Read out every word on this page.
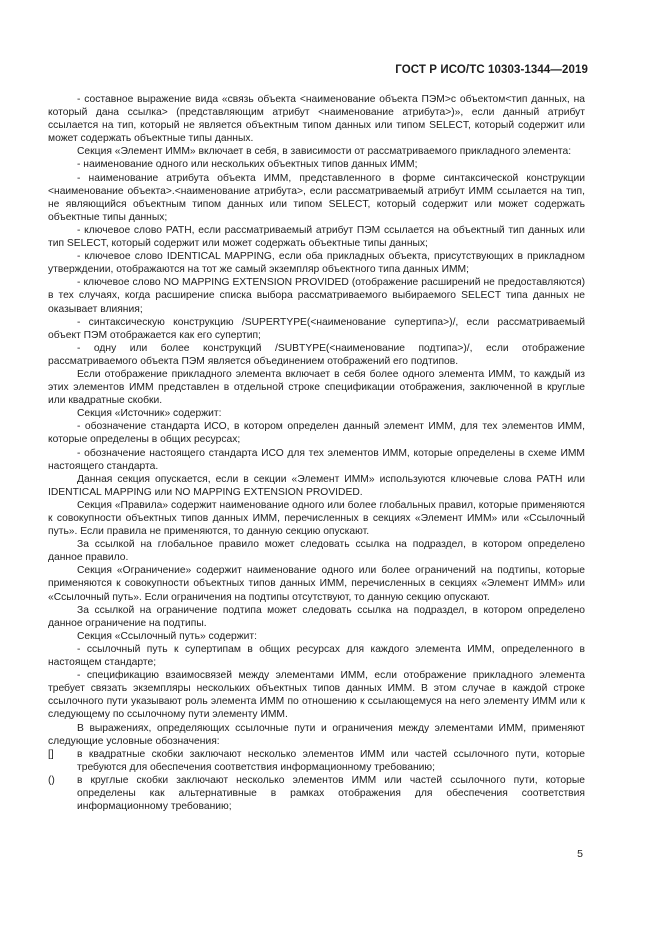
ГОСТ Р ИСО/ТС 10303-1344—2019

- составное выражение вида «связь объекта <наименование объекта ПЭМ>с объектом<тип данных, на который дана ссылка> (представляющим атрибут <наименование атрибута>)», если данный атрибут ссылается на тип, который не является объектным типом данных или типом SELECT, который содержит или может содержать объектные типы данных.

Секция «Элемент ИММ» включает в себя, в зависимости от рассматриваемого прикладного элемента:

- наименование одного или нескольких объектных типов данных ИММ;

- наименование атрибута объекта ИММ, представленного в форме синтаксической конструкции <наименование объекта>.<наименование атрибута>, если рассматриваемый атрибут ИММ ссылается на тип, не являющийся объектным типом данных или типом SELECT, который содержит или может содержать объектные типы данных;

- ключевое слово PATH, если рассматриваемый атрибут ПЭМ ссылается на объектный тип данных или тип SELECT, который содержит или может содержать объектные типы данных;

- ключевое слово IDENTICAL MAPPING, если оба прикладных объекта, присутствующих в прикладном утверждении, отображаются на тот же самый экземпляр объектного типа данных ИММ;

- ключевое слово NO MAPPING EXTENSION PROVIDED (отображение расширений не предоставляются) в тех случаях, когда расширение списка выбора рассматриваемого выбираемого SELECT типа данных не оказывает влияния;

- синтаксическую конструкцию /SUPERTYPE(<наименование супертипа>)/, если рассматриваемый объект ПЭМ отображается как его супертип;

- одну или более конструкций /SUBTYPE(<наименование подтипа>)/, если отображение рассматриваемого объекта ПЭМ является объединением отображений его подтипов.

Если отображение прикладного элемента включает в себя более одного элемента ИММ, то каждый из этих элементов ИММ представлен в отдельной строке спецификации отображения, заключенной в круглые или квадратные скобки.

Секция «Источник» содержит:

- обозначение стандарта ИСО, в котором определен данный элемент ИММ, для тех элементов ИММ, которые определены в общих ресурсах;

- обозначение настоящего стандарта ИСО для тех элементов ИММ, которые определены в схеме ИММ настоящего стандарта.

Данная секция опускается, если в секции «Элемент ИММ» используются ключевые слова PATH или IDENTICAL MAPPING или NO MAPPING EXTENSION PROVIDED.

Секция «Правила» содержит наименование одного или более глобальных правил, которые применяются к совокупности объектных типов данных ИММ, перечисленных в секциях «Элемент ИММ» или «Ссылочный путь». Если правила не применяются, то данную секцию опускают.

За ссылкой на глобальное правило может следовать ссылка на подраздел, в котором определено данное правило.

Секция «Ограничение» содержит наименование одного или более ограничений на подтипы, которые применяются к совокупности объектных типов данных ИММ, перечисленных в секциях «Элемент ИММ» или «Ссылочный путь». Если ограничения на подтипы отсутствуют, то данную секцию опускают.

За ссылкой на ограничение подтипа может следовать ссылка на подраздел, в котором определено данное ограничение на подтипы.

Секция «Ссылочный путь» содержит:

- ссылочный путь к супертипам в общих ресурсах для каждого элемента ИММ, определенного в настоящем стандарте;

- спецификацию взаимосвязей между элементами ИММ, если отображение прикладного элемента требует связать экземпляры нескольких объектных типов данных ИММ. В этом случае в каждой строке ссылочного пути указывают роль элемента ИММ по отношению к ссылающемуся на него элементу ИММ или к следующему по ссылочному пути элементу ИММ.

В выражениях, определяющих ссылочные пути и ограничения между элементами ИММ, применяют следующие условные обозначения:

[] в квадратные скобки заключают несколько элементов ИММ или частей ссылочного пути, которые требуются для обеспечения соответствия информационному требованию;
() в круглые скобки заключают несколько элементов ИММ или частей ссылочного пути, которые определены как альтернативные в рамках отображения для обеспечения соответствия информационному требованию;
5
